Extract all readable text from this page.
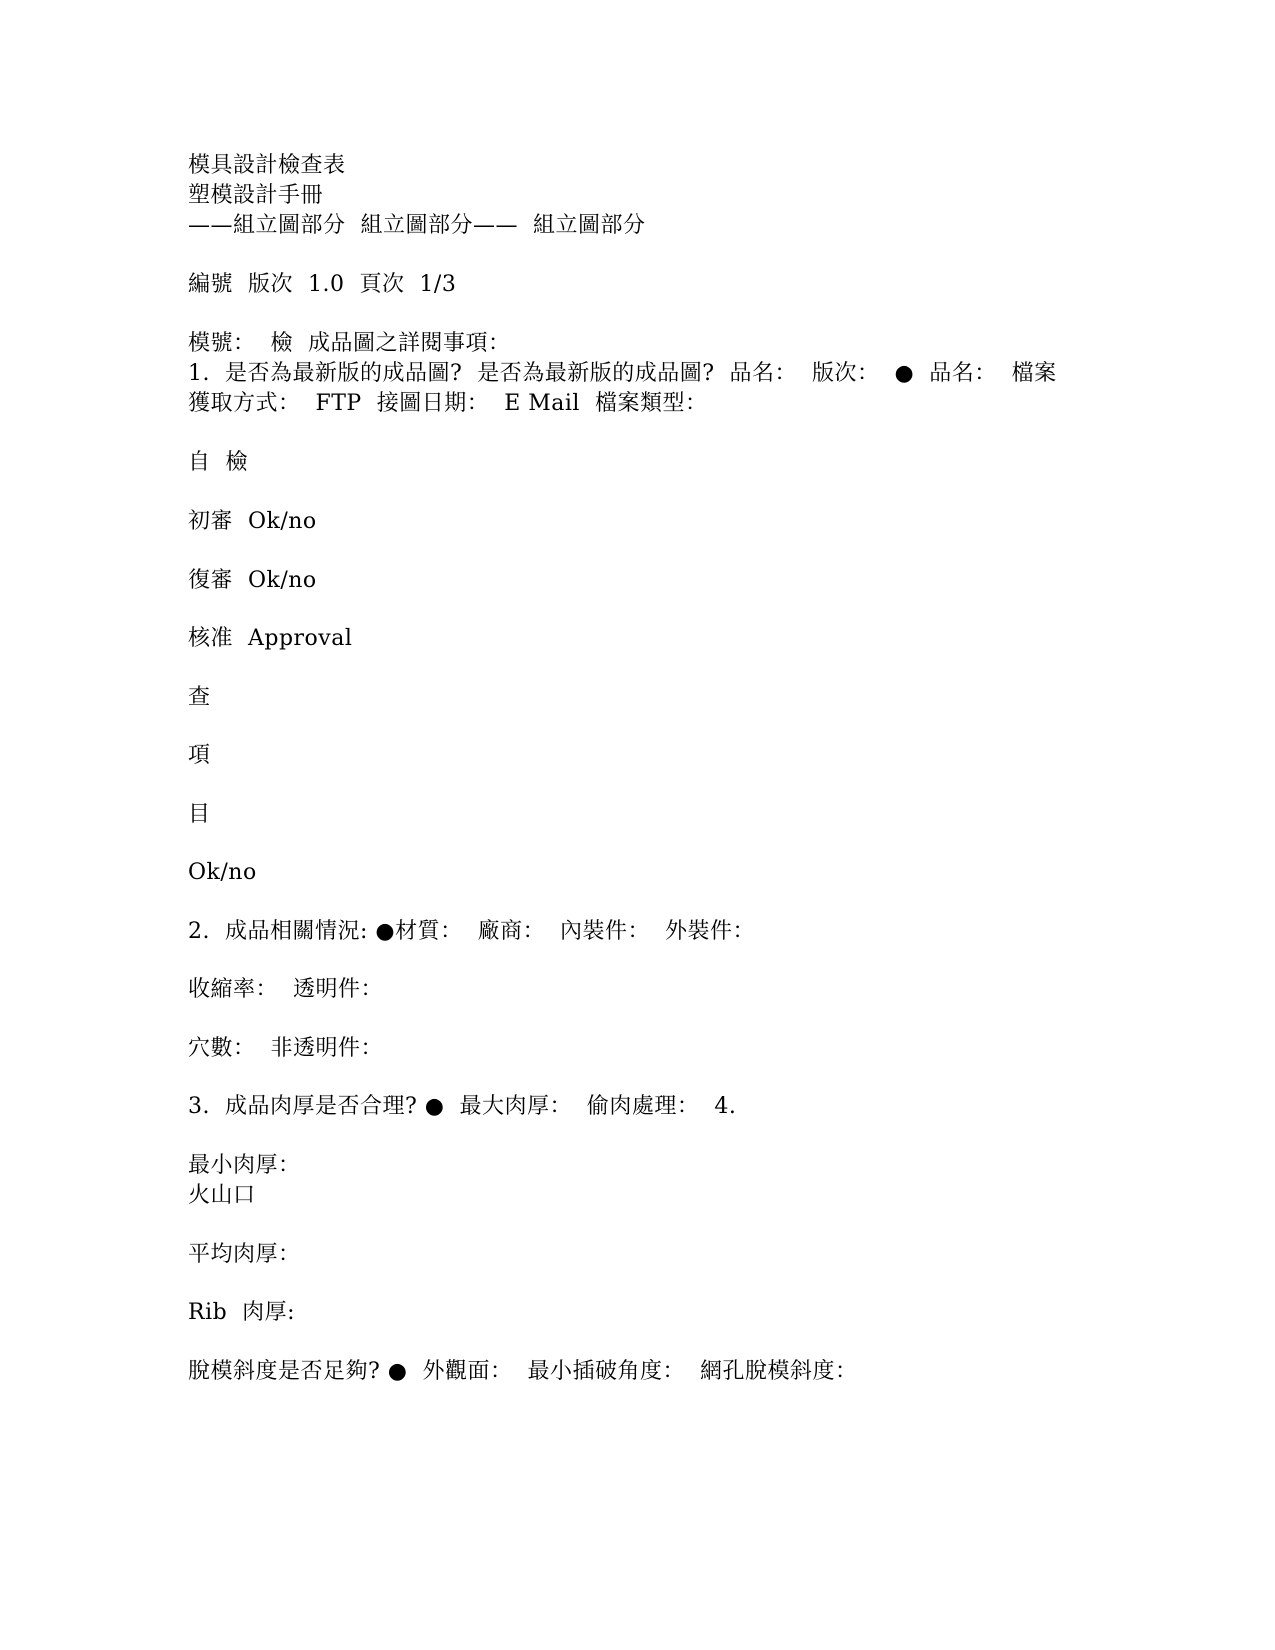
模具設計檢查表
塑模設計手冊
——組立圖部分  組立圖部分——  組立圖部分
編號  版次  1.0  頁次  1/3
模號：  檢  成品圖之詳閱事項：
1.  是否為最新版的成品圖?  是否為最新版的成品圖?  品名：  版次：  ●  品名：  檔案
獲取方式：  FTP  接圖日期：  E Mail  檔案類型：
自  檢
初審  Ok/no
復審  Ok/no
核准  Approval
查
項
目
Ok/no
2.  成品相關情況: ●材質：  廠商：  內裝件：  外裝件：
收縮率：  透明件：
穴數：  非透明件：
3.  成品肉厚是否合理? ●  最大肉厚：  偷肉處理：  4.
最小肉厚：
火山口
平均肉厚：
Rib  肉厚:
脫模斜度是否足夠? ●  外觀面：  最小插破角度：  網孔脫模斜度：
